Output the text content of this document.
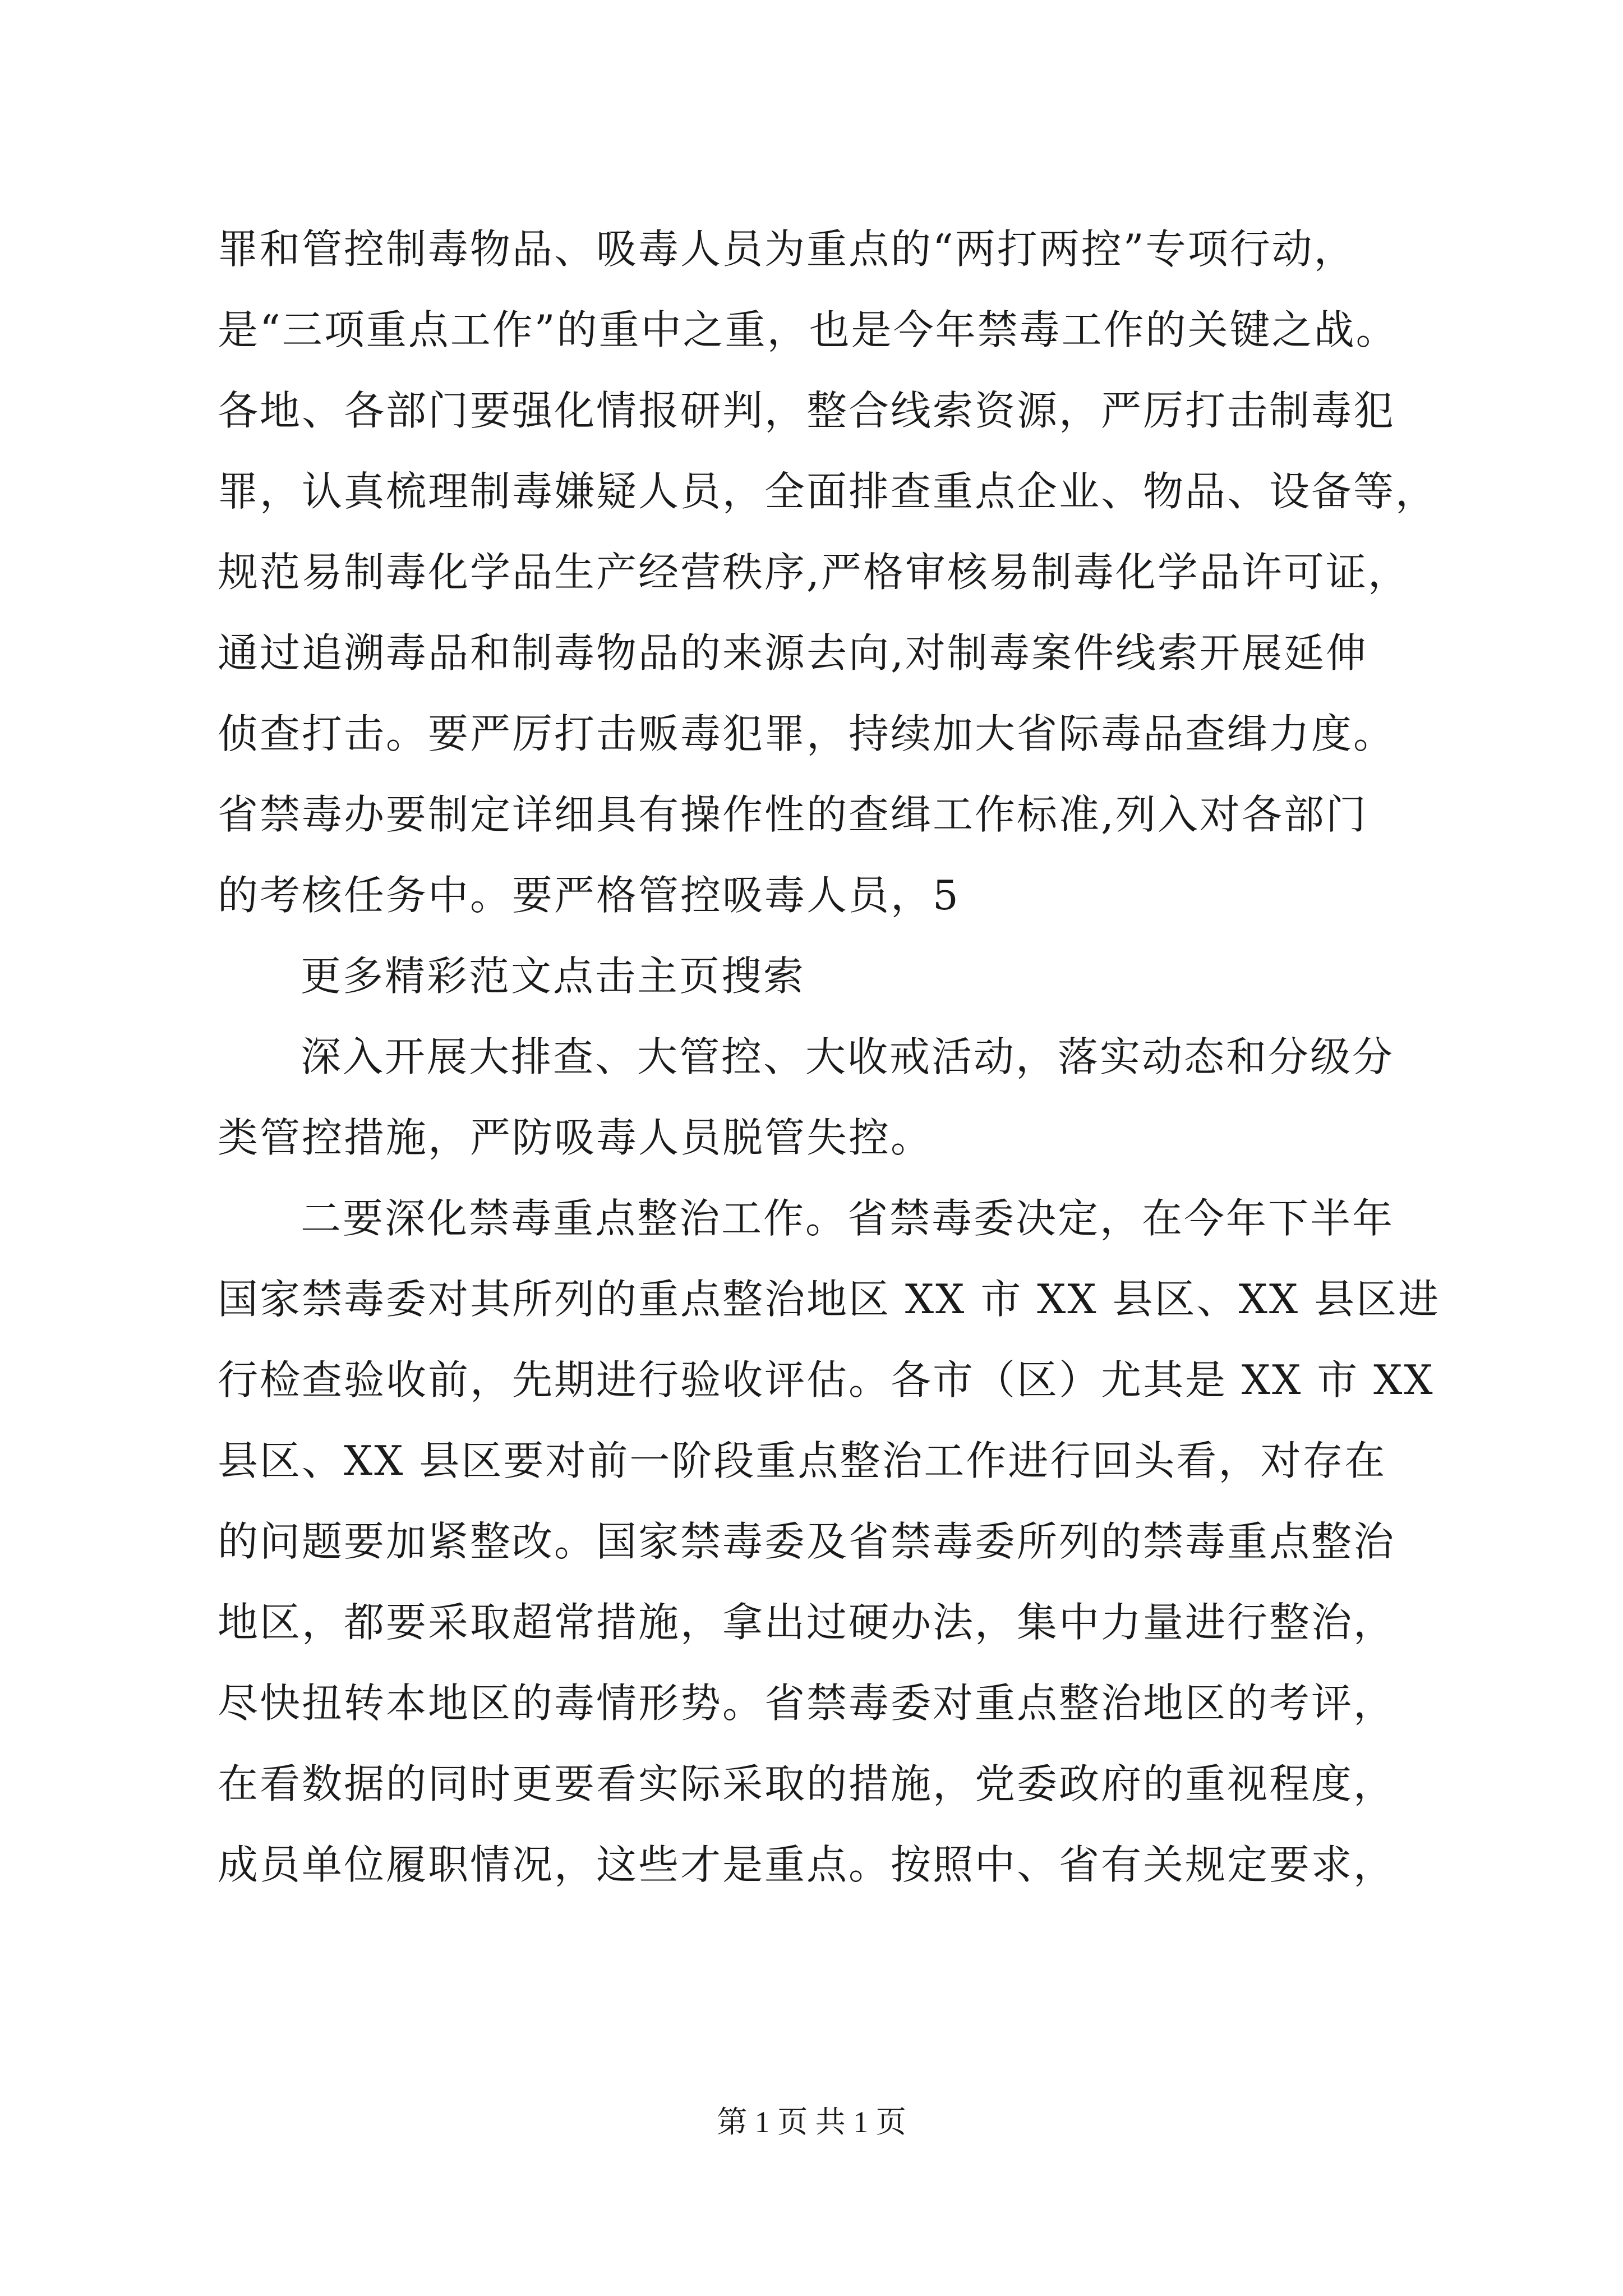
罪和管控制毒物品、吸毒人员为重点的“两打两控”专项行动，
是“三项重点工作”的重中之重，也是今年禁毒工作的关键之战。
各地、各部门要强化情报研判，整合线索资源，严厉打击制毒犯
罪，认真梳理制毒嫌疑人员，全面排查重点企业、物品、设备等，
规范易制毒化学品生产经营秩序,严格审核易制毒化学品许可证，
通过追溯毒品和制毒物品的来源去向,对制毒案件线索开展延伸
侦查打击。要严厉打击贩毒犯罪，持续加大省际毒品查缉力度。
省禁毒办要制定详细具有操作性的查缉工作标准,列入对各部门
的考核任务中。要严格管控吸毒人员，5
更多精彩范文点击主页搜索
深入开展大排查、大管控、大收戒活动，落实动态和分级分
类管控措施，严防吸毒人员脱管失控。
二要深化禁毒重点整治工作。省禁毒委决定，在今年下半年
国家禁毒委对其所列的重点整治地区 XX 市 XX 县区、XX 县区进
行检查验收前，先期进行验收评估。各市（区）尤其是 XX 市 XX
县区、XX 县区要对前一阶段重点整治工作进行回头看，对存在
的问题要加紧整改。国家禁毒委及省禁毒委所列的禁毒重点整治
地区，都要采取超常措施，拿出过硬办法，集中力量进行整治，
尽快扭转本地区的毒情形势。省禁毒委对重点整治地区的考评，
在看数据的同时更要看实际采取的措施，党委政府的重视程度，
成员单位履职情况，这些才是重点。按照中、省有关规定要求，
第 1 页 共 1 页
